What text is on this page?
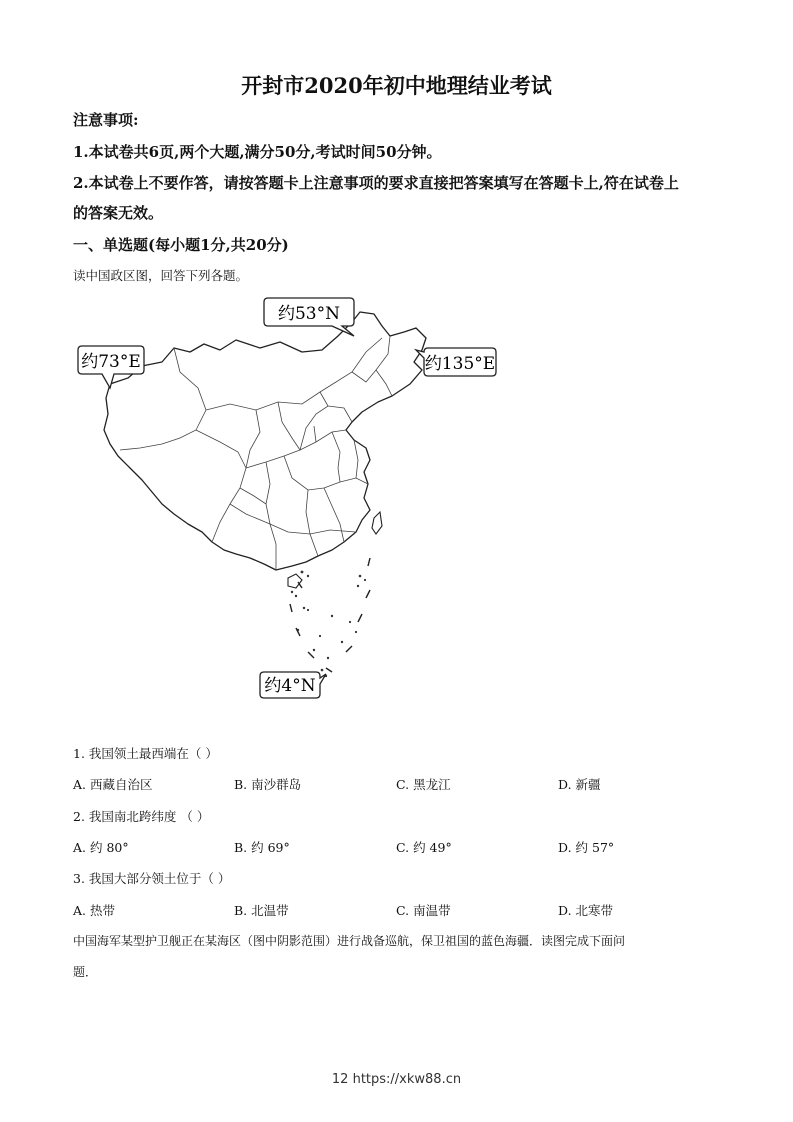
开封市2020年初中地理结业考试
注意事项:
1.本试卷共6页,两个大题,满分50分,考试时间50分钟。
2.本试卷上不要作答，请按答题卡上注意事项的要求直接把答案填写在答题卡上,符在试卷上
的答案无效。
一、单选题(每小题1分,共20分)
读中国政区图，回答下列各题。
约53°N
约73°E	约135°E
约4°N
1. 我国领土最西端在（ ）
A. 西藏自治区	B. 南沙群岛	C. 黑龙江	D. 新疆
2. 我国南北跨纬度 （ ）
A. 约 80°	B. 约 69°	C. 约 49°	D. 约 57°
3. 我国大部分领土位于（ ）
A. 热带	B. 北温带	C. 南温带	D. 北寒带
中国海军某型护卫舰正在某海区（图中阴影范围）进行战备巡航，保卫祖国的蓝色海疆．读图完成下面问
题．
12 https://xkw88.cn
